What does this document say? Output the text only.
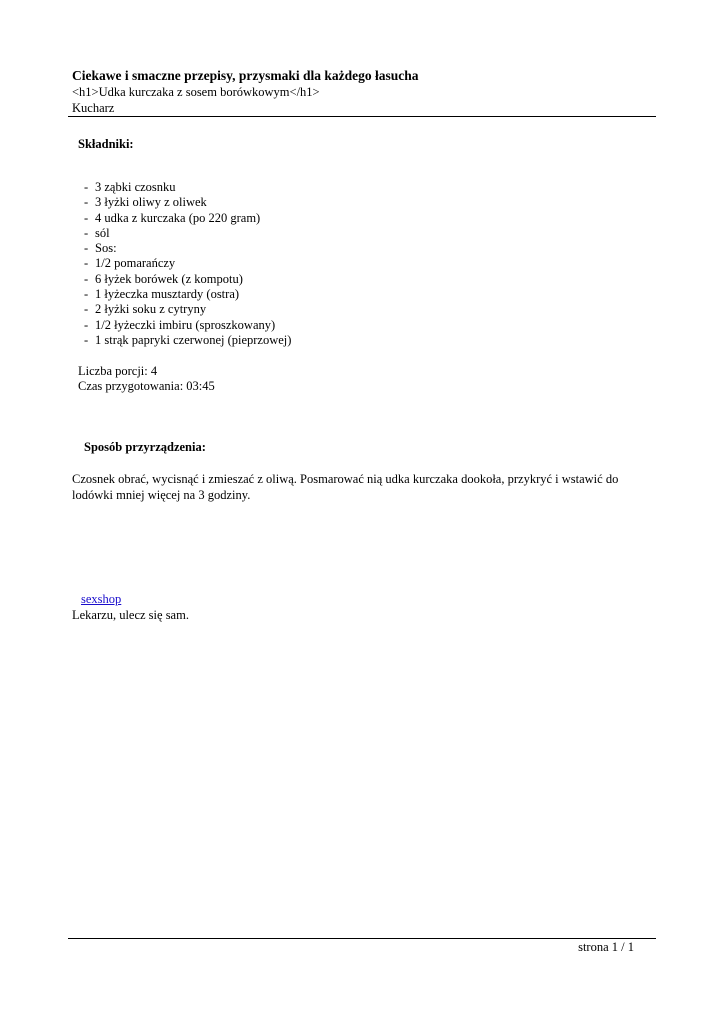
Ciekawe i smaczne przepisy, przysmaki dla każdego łasucha
<h1>Udka kurczaka z sosem borówkowym</h1>
Kucharz
Składniki:
- 3 ząbki czosnku
- 3 łyżki oliwy z oliwek
- 4 udka z kurczaka (po 220 gram)
- sól
- Sos:
- 1/2 pomarańczy
- 6 łyżek borówek (z kompotu)
- 1 łyżeczka musztardy (ostra)
- 2 łyżki soku z cytryny
- 1/2 łyżeczki imbiru (sproszkowany)
- 1 strąk papryki czerwonej (pieprzowej)
Liczba porcji: 4
Czas przygotowania: 03:45
Sposób przyrządzenia:
Czosnek obrać, wycisnąć i zmieszać z oliwą. Posmarować nią udka kurczaka dookoła, przykryć i wstawić do lodówki mniej więcej na 3 godziny.
sexshop
Lekarzu, ulecz się sam.
strona 1 / 1
